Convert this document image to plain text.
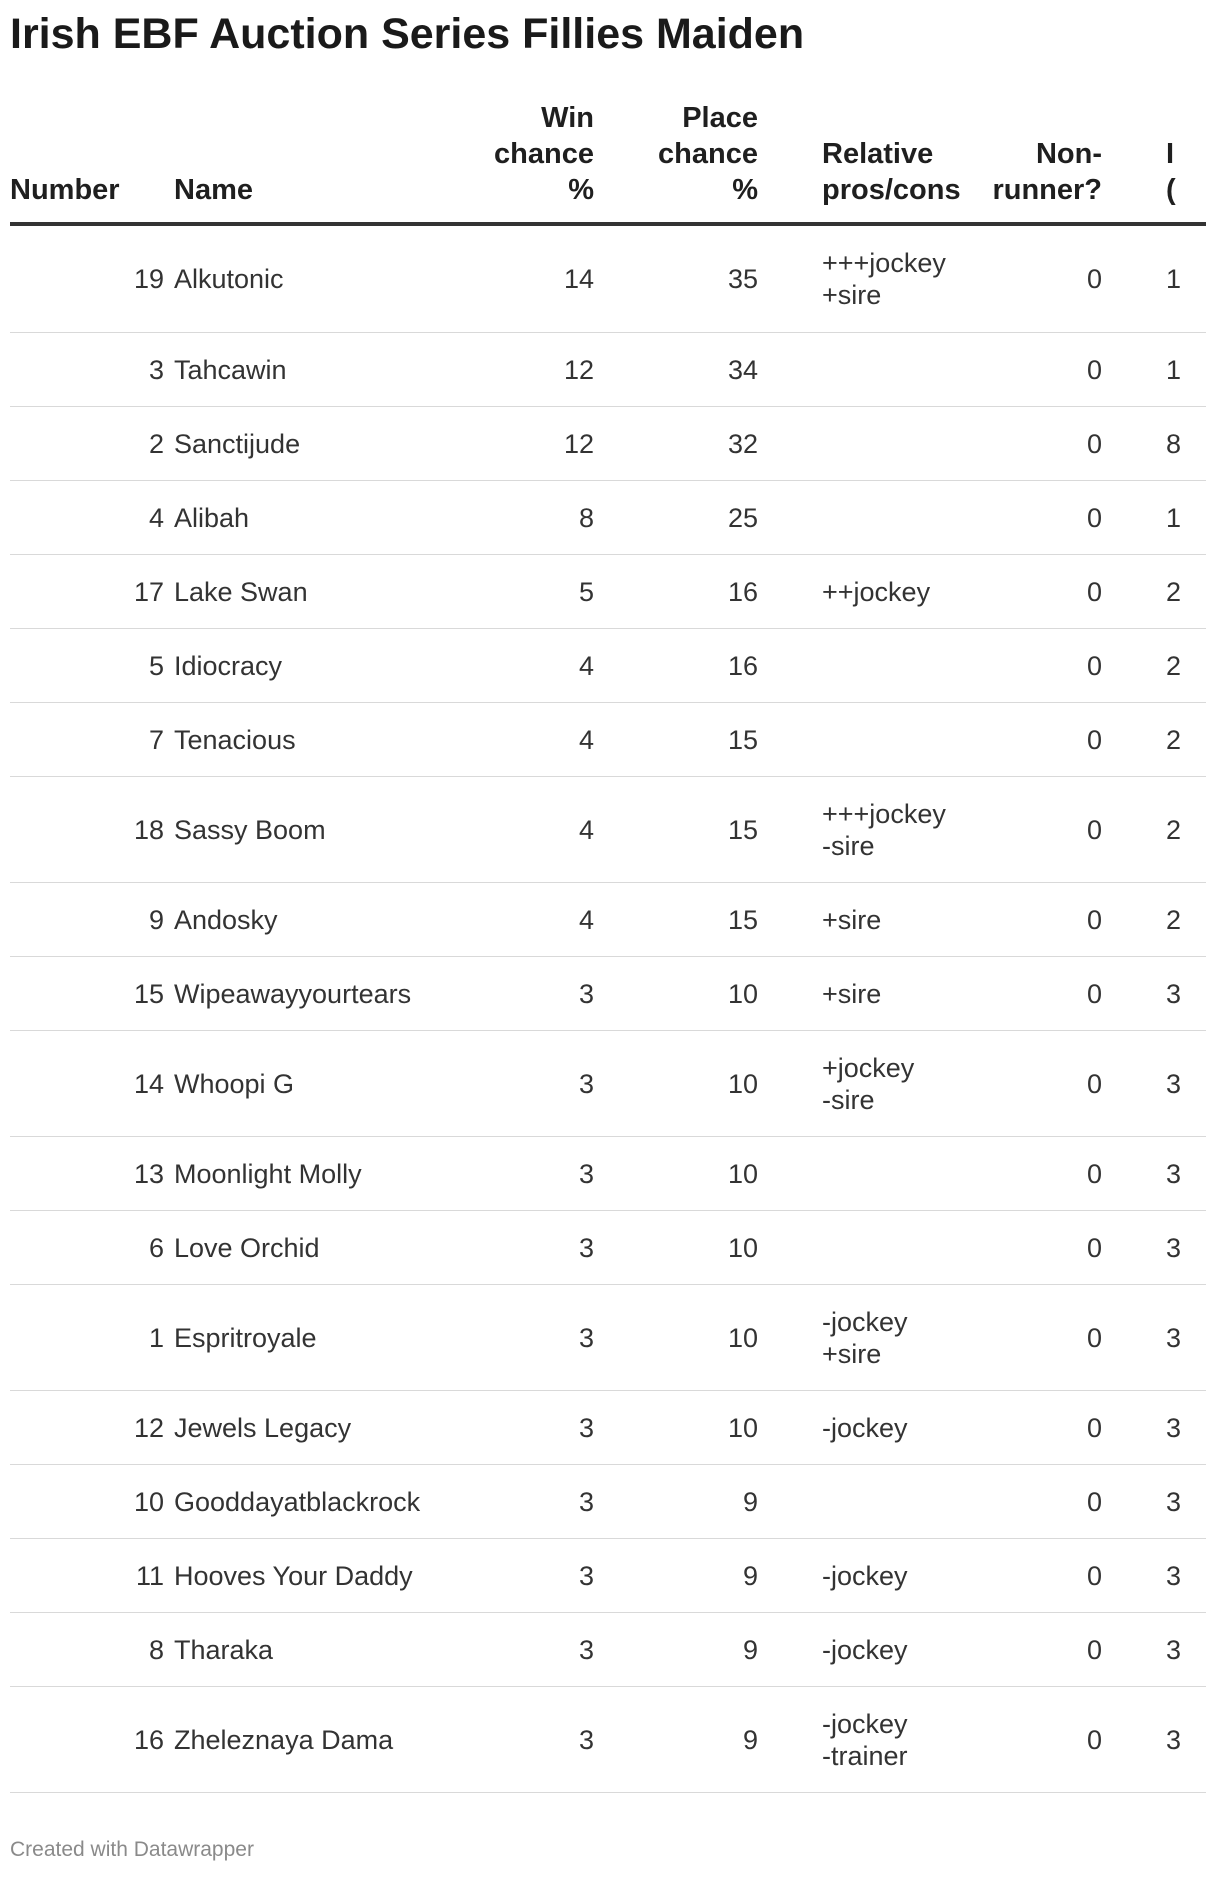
Irish EBF Auction Series Fillies Maiden
Number	Name	Win
chance
%	Place
chance
%	Relative
pros/cons	Non-
runner?	I
(

19	Alkutonic	14	35	+++jockey
+sire	0	1
3	Tahcawin	12	34		0	1
2	Sanctijude	12	32		0	8
4	Alibah	8	25		0	1
17	Lake Swan	5	16	++jockey	0	2
5	Idiocracy	4	16		0	2
7	Tenacious	4	15		0	2
18	Sassy Boom	4	15	+++jockey
-sire	0	2
9	Andosky	4	15	+sire	0	2
15	Wipeawayyourtears	3	10	+sire	0	3
14	Whoopi G	3	10	+jockey
-sire	0	3
13	Moonlight Molly	3	10		0	3
6	Love Orchid	3	10		0	3
1	Espritroyale	3	10	-jockey
+sire	0	3
12	Jewels Legacy	3	10	-jockey	0	3
10	Gooddayatblackrock	3	9		0	3
11	Hooves Your Daddy	3	9	-jockey	0	3
8	Tharaka	3	9	-jockey	0	3
16	Zheleznaya Dama	3	9	-jockey
-trainer	0	3
Created with Datawrapper
